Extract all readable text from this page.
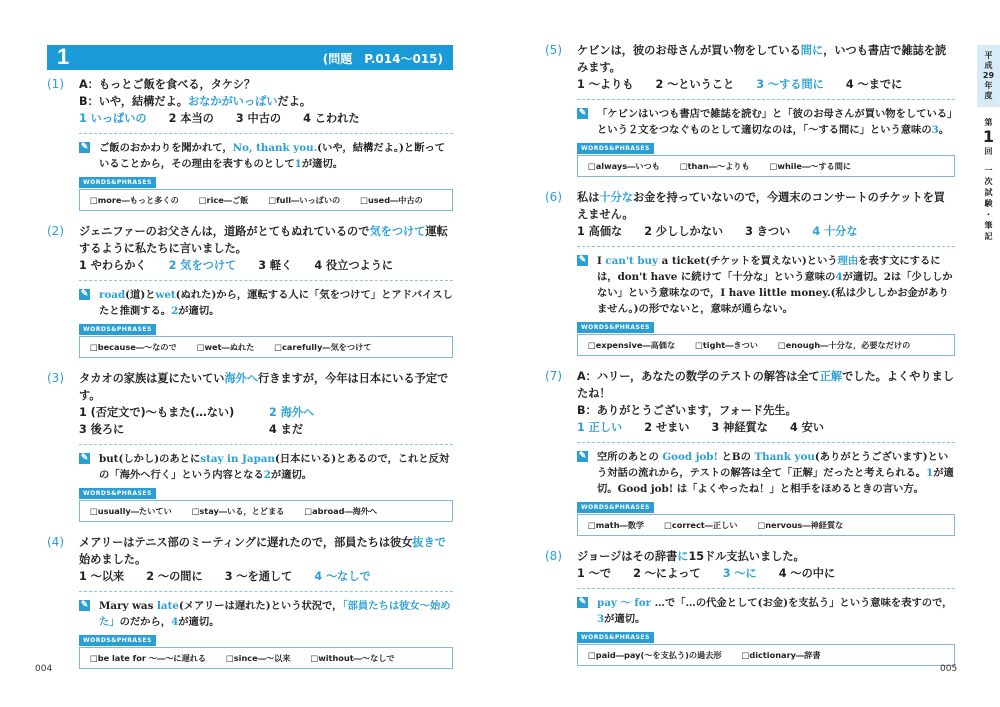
1	(問題　P.014～015)
(1) A：もっとご飯を食べる，タケシ？
B：いや，結構だよ。おなかがいっぱいだよ。
1 いっぱいの 2 本当の 3 中古の 4 こわれた
✎ ご飯のおかわりを聞かれて，No, thank you.(いや，結構だよ。)と断っていることから，その理由を表すものとして1が適切。
WORDS&PHRASES
□more―もっと多くの □rice―ご飯 □full―いっぱいの □used―中古の
(2) ジェニファーのお父さんは，道路がとてもぬれているので気をつけて運転するように私たちに言いました。
1 やわらかく 2 気をつけて 3 軽く 4 役立つように
✎ road(道)とwet(ぬれた)から，運転する人に「気をつけて」とアドバイスしたと推測する。2が適切。
WORDS&PHRASES
□because―～なので □wet―ぬれた □carefully―気をつけて
(3) タカオの家族は夏にたいてい海外へ行きますが，今年は日本にいる予定です。
1 (否定文で)～もまた(…ない)	2 海外へ
3 後ろに	4 まだ
✎ but(しかし)のあとにstay in Japan(日本にいる)とあるので，これと反対の「海外へ行く」という内容となる2が適切。
WORDS&PHRASES
□usually―たいてい □stay―いる，とどまる □abroad―海外へ
(4) メアリーはテニス部のミーティングに遅れたので，部員たちは彼女抜きで始めました。
1 ～以来 2 ～の間に 3 ～を通して 4 ～なしで
✎ Mary was late(メアリーは遅れた)という状況で，「部員たちは彼女～始めた」のだから，4が適切。
WORDS&PHRASES
□be late for ～―～に遅れる □since―～以来 □without―～なしで
004
(5) ケビンは，彼のお母さんが買い物をしている間に，いつも書店で雑誌を読みます。
1 ～よりも 2 ～ということ 3 ～する間に 4 ～までに
✎ 「ケビンはいつも書店で雑誌を読む」と「彼のお母さんが買い物をしている」という２文をつなぐものとして適切なのは，「～する間に」という意味の3。
WORDS&PHRASES
□always―いつも □than―～よりも □while―～する間に
(6) 私は十分なお金を持っていないので，今週末のコンサートのチケットを買えません。
1 高価な 2 少ししかない 3 きつい 4 十分な
✎ I can't buy a ticket(チケットを買えない)という理由を表す文にするには，don't have に続けて「十分な」という意味の4が適切。2は「少ししかない」という意味なので，I have little money.(私は少ししかお金がありません。)の形でないと，意味が通らない。
WORDS&PHRASES
□expensive―高価な □tight―きつい □enough―十分な，必要なだけの
(7) A：ハリー，あなたの数学のテストの解答は全て正解でした。よくやりましたね！
B：ありがとうございます，フォード先生。
1 正しい 2 せまい 3 神経質な 4 安い
✎ 空所のあとの Good job! とBの Thank you(ありがとうございます)という対話の流れから，テストの解答は全て「正解」だったと考えられる。1が適切。Good job! は「よくやったね！」と相手をほめるときの言い方。
WORDS&PHRASES
□math―数学 □correct―正しい □nervous―神経質な
(8) ジョージはその辞書に15ドル支払いました。
1 ～で 2 ～によって 3 ～に 4 ～の中に
✎ pay ～ for …で「…の代金として(お金)を支払う」という意味を表すので，3が適切。
WORDS&PHRASES
□paid―pay(～を支払う)の過去形 □dictionary―辞書
005
平
成
29
年
度
第
1
回
一
次
試
験
・
筆
記
